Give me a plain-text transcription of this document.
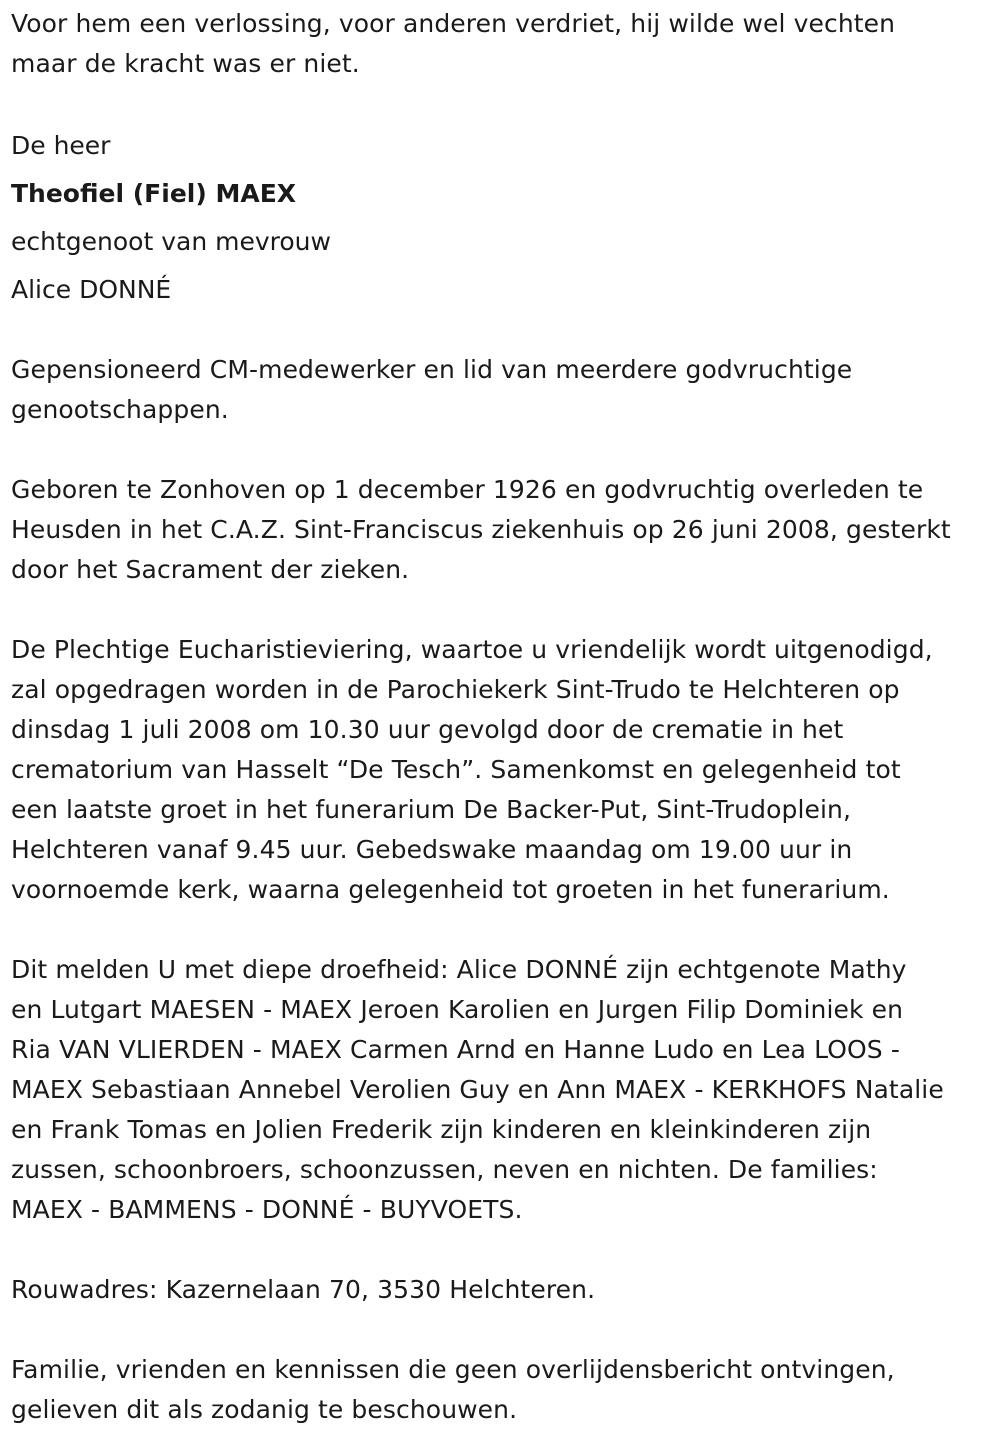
Voor hem een verlossing, voor anderen verdriet, hij wilde wel vechten
maar de kracht was er niet.
De heer
Theofiel (Fiel) MAEX
echtgenoot van mevrouw
Alice DONNÉ
Gepensioneerd CM-medewerker en lid van meerdere godvruchtige
genootschappen.
Geboren te Zonhoven op 1 december 1926 en godvruchtig overleden te
Heusden in het C.A.Z. Sint-Franciscus ziekenhuis op 26 juni 2008, gesterkt
door het Sacrament der zieken.
De Plechtige Eucharistieviering, waartoe u vriendelijk wordt uitgenodigd,
zal opgedragen worden in de Parochiekerk Sint-Trudo te Helchteren op
dinsdag 1 juli 2008 om 10.30 uur gevolgd door de crematie in het
crematorium van Hasselt “De Tesch”. Samenkomst en gelegenheid tot
een laatste groet in het funerarium De Backer-Put, Sint-Trudoplein,
Helchteren vanaf 9.45 uur. Gebedswake maandag om 19.00 uur in
voornoemde kerk, waarna gelegenheid tot groeten in het funerarium.
Dit melden U met diepe droefheid: Alice DONNÉ zijn echtgenote Mathy
en Lutgart MAESEN - MAEX Jeroen Karolien en Jurgen Filip Dominiek en
Ria VAN VLIERDEN - MAEX Carmen Arnd en Hanne Ludo en Lea LOOS -
MAEX Sebastiaan Annebel Verolien Guy en Ann MAEX - KERKHOFS Natalie
en Frank Tomas en Jolien Frederik zijn kinderen en kleinkinderen zijn
zussen, schoonbroers, schoonzussen, neven en nichten. De families:
MAEX - BAMMENS - DONNÉ - BUYVOETS.
Rouwadres: Kazernelaan 70, 3530 Helchteren.
Familie, vrienden en kennissen die geen overlijdensbericht ontvingen,
gelieven dit als zodanig te beschouwen.
